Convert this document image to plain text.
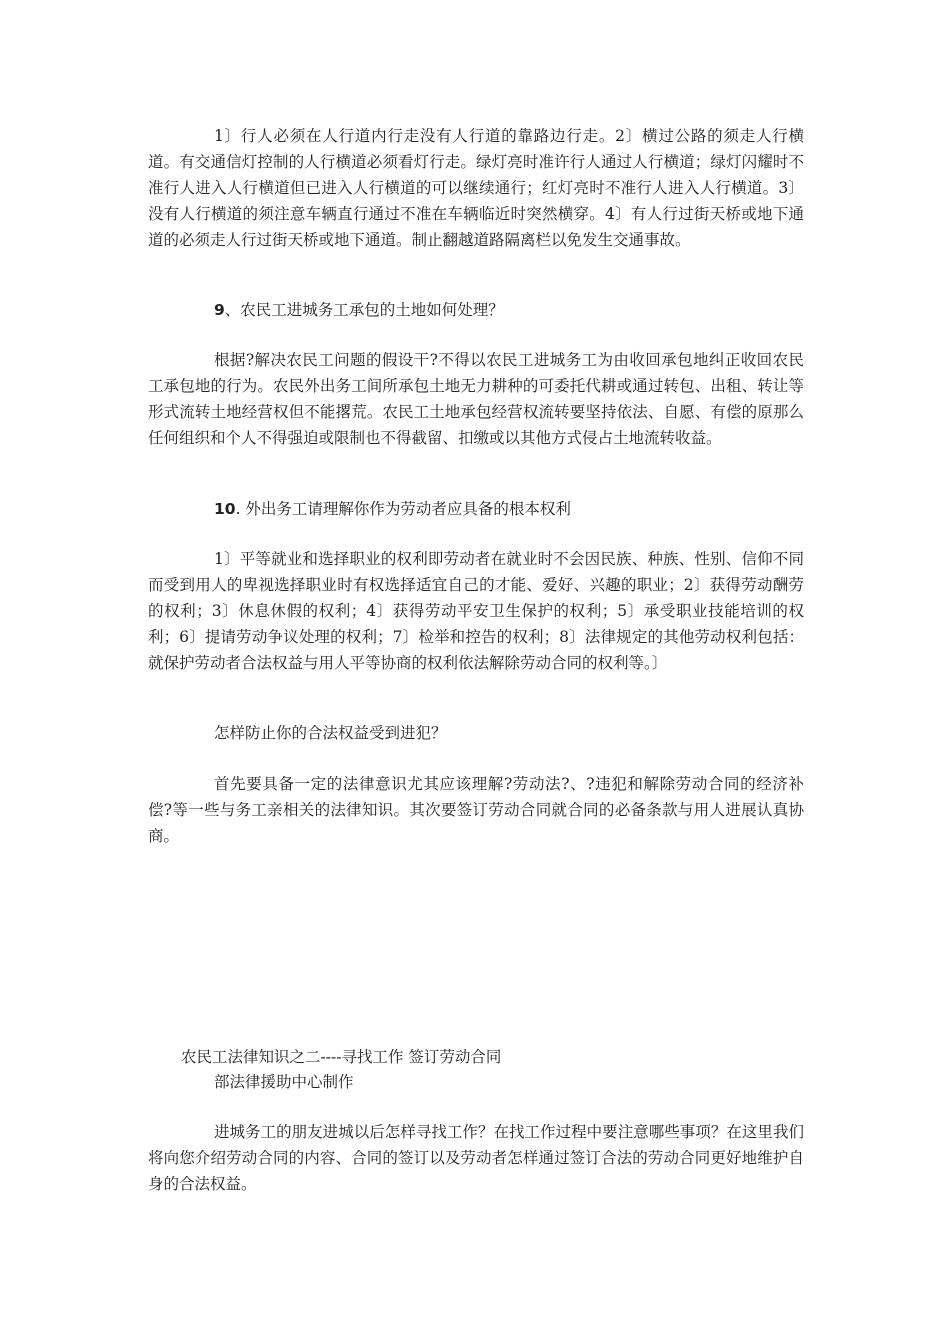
1〕行人必须在人行道内行走没有人行道的靠路边行走。2〕横过公路的须走人行横道。有交通信灯控制的人行横道必须看灯行走。绿灯亮时准许行人通过人行横道；绿灯闪耀时不准行人进入人行横道但已进入人行横道的可以继续通行；红灯亮时不准行人进入人行横道。3〕没有人行横道的须注意车辆直行通过不准在车辆临近时突然横穿。4〕有人行过街天桥或地下通道的必须走人行过街天桥或地下通道。制止翻越道路隔离栏以免发生交通事故。

9、农民工进城务工承包的土地如何处理？

根据?解决农民工问题的假设干?不得以农民工进城务工为由收回承包地纠正收回农民工承包地的行为。农民外出务工间所承包土地无力耕种的可委托代耕或通过转包、出租、转让等形式流转土地经营权但不能撂荒。农民工土地承包经营权流转要坚持依法、自愿、有偿的原那么任何组织和个人不得强迫或限制也不得截留、扣缴或以其他方式侵占土地流转收益。

10. 外出务工请理解你作为劳动者应具备的根本权利

1〕平等就业和选择职业的权利即劳动者在就业时不会因民族、种族、性别、信仰不同而受到用人的卑视选择职业时有权选择适宜自己的才能、爱好、兴趣的职业；2〕获得劳动酬劳的权利；3〕休息休假的权利；4〕获得劳动平安卫生保护的权利；5〕承受职业技能培训的权利；6〕提请劳动争议处理的权利；7〕检举和控告的权利；8〕法律规定的其他劳动权利包括：就保护劳动者合法权益与用人平等协商的权利依法解除劳动合同的权利等。〕

怎样防止你的合法权益受到进犯？

首先要具备一定的法律意识尤其应该理解?劳动法?、?违犯和解除劳动合同的经济补偿?等一些与务工亲相关的法律知识。其次要签订劳动合同就合同的必备条款与用人进展认真协商。

农民工法律知识之二----寻找工作 签订劳动合同

部法律援助中心制作

进城务工的朋友进城以后怎样寻找工作？在找工作过程中要注意哪些事项？在这里我们将向您介绍劳动合同的内容、合同的签订以及劳动者怎样通过签订合法的劳动合同更好地维护自身的合法权益。
